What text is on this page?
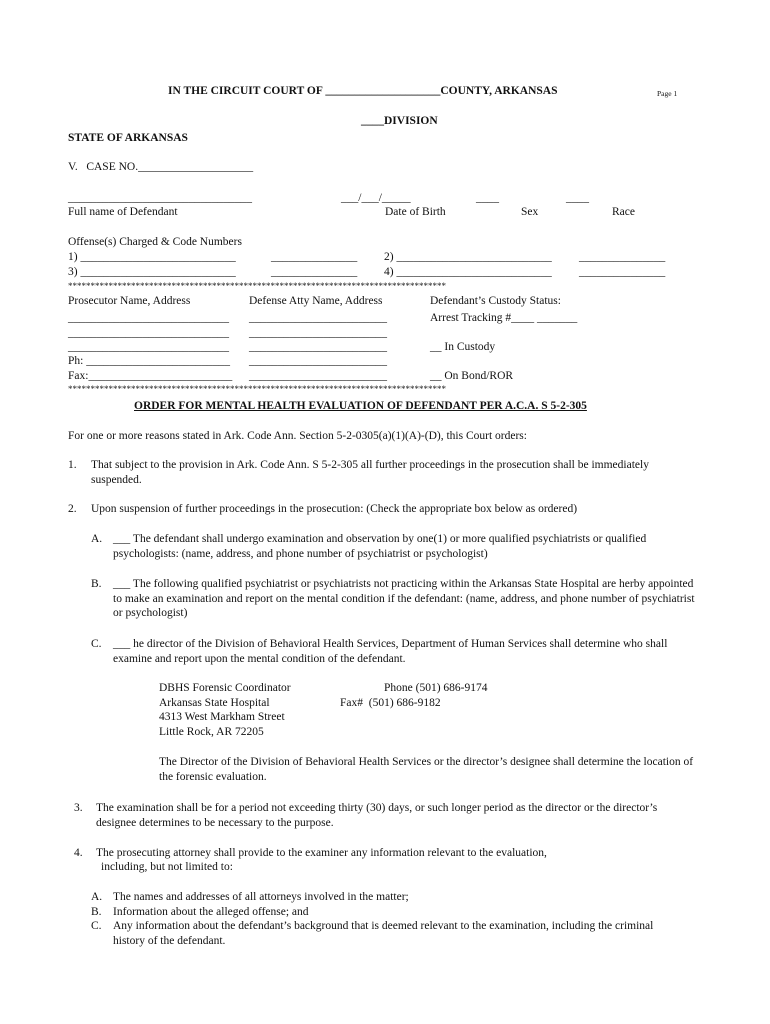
IN THE CIRCUIT COURT OF ____________________COUNTY, ARKANSAS	Page 1
____DIVISION
STATE OF ARKANSAS
V.   CASE NO.____________________
________________________________	___/___/_____	____	____
Full name of Defendant	Date of Birth	Sex	Race
Offense(s) Charged & Code Numbers
1) ___________________________	_______________ 2) ___________________________ _______________
3) ___________________________	_______________ 4) ___________________________ _______________
************************************************************************************
Prosecutor Name, Address	Defense Atty Name, Address	Defendant’s Custody Status:
____________________________ ________________________	Arrest Tracking #____ _______
____________________________ ________________________
____________________________ ________________________	__ In Custody
Ph: _________________________ ________________________
Fax:_________________________ ________________________	__ On Bond/ROR
************************************************************************************
ORDER FOR MENTAL HEALTH EVALUATION OF DEFENDANT PER A.C.A. S 5-2-305
For one or more reasons stated in Ark. Code Ann. Section 5-2-0305(a)(1)(A)-(D), this Court orders:
1. That subject to the provision in Ark. Code Ann. S 5-2-305 all further proceedings in the prosecution shall be immediately suspended.
2. Upon suspension of further proceedings in the prosecution: (Check the appropriate box below as ordered)
A. ___ The defendant shall undergo examination and observation by one(1) or more qualified psychiatrists or qualified psychologists: (name, address, and phone number of psychiatrist or psychologist)
B. ___ The following qualified psychiatrist or psychiatrists not practicing within the Arkansas State Hospital are herby appointed to make an examination and report on the mental condition if the defendant: (name, address, and phone number of psychiatrist or psychologist)
C. ___ he director of the Division of Behavioral Health Services, Department of Human Services shall determine who shall examine and report upon the mental condition of the defendant.
DBHS Forensic Coordinator	Phone (501) 686-9174
Arkansas State Hospital	Fax#  (501) 686-9182
4313 West Markham Street
Little Rock, AR 72205
The Director of the Division of Behavioral Health Services or the director’s designee shall determine the location of the forensic evaluation.
3. The examination shall be for a period not exceeding thirty (30) days, or such longer period as the director or the director’s designee determines to be necessary to the purpose.
4. The prosecuting attorney shall provide to the examiner any information relevant to the evaluation,
including, but not limited to:
A. The names and addresses of all attorneys involved in the matter;
B. Information about the alleged offense; and
C. Any information about the defendant’s background that is deemed relevant to the examination, including the criminal history of the defendant.
